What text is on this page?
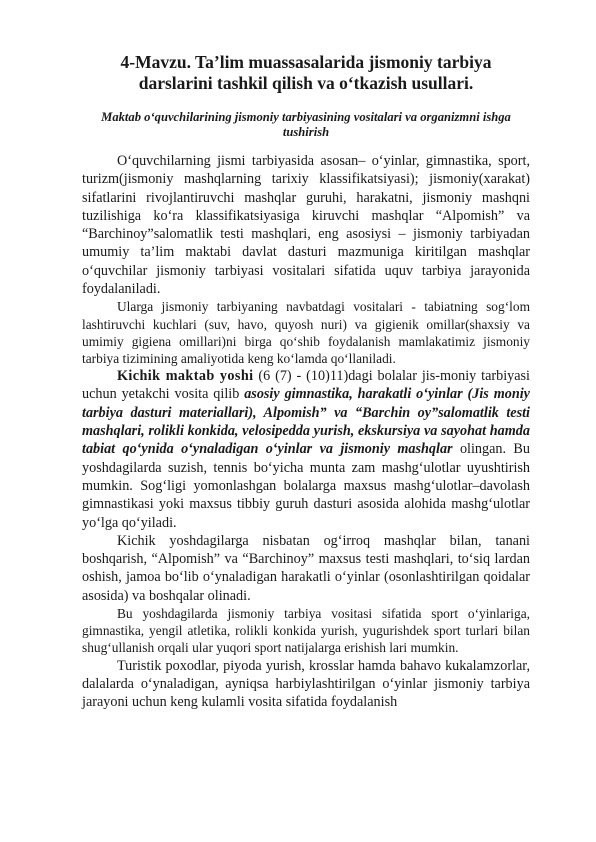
4-Mavzu. Ta’lim muassasalarida jismoniy tarbiya darslarini tashkil qilish va o‘tkazish usullari.

Maktab o‘quvchilarining jismoniy tarbiyasining vositalari va organizmni ishga tushirish

O‘quvchilarning jismi tarbiyasida asosan– o‘yinlar, gimnastika, sport, turizm(jismoniy mashqlarning tarixiy klassifikatsiyasi); jismoniy(xarakat) sifatlarini rivojlantiruvchi mashqlar guruhi, harakatni, jismoniy mashqni tuzilishiga ko‘ra klassifikatsiyasiga kiruvchi mashqlar “Alpomish” va “Barchinoy”salomatlik testi mashqlari, eng asosiysi – jismoniy tarbiyadan umumiy ta’lim maktabi davlat dasturi mazmuniga kiritilgan mashqlar o‘quvchilar jismoniy tarbiyasi vositalari sifatida uquv tarbiya jarayonida foydalaniladi.

Ularga jismoniy tarbiyaning navbatdagi vositalari - tabiatning sog‘lom lashtiruvchi kuchlari (suv, havo, quyosh nuri) va gigienik omillar(shaxsiy va umimiy gigiena omillari)ni birga qo‘shib foydalanish mamlakatimiz jismoniy tarbiya tizimining amaliyotida keng ko‘lamda qo‘llaniladi.

Kichik maktab yoshi (6 (7) - (10)11)dagi bolalar jis-moniy tarbiyasi uchun yetakchi vosita qilib asosiy gimnastika, harakatli o‘yinlar (Jis moniy tarbiya dasturi materiallari), Alpomish” va “Barchin oy”salomatlik testi mashqlari, rolikli konkida, velosipedda yurish, ekskursiya va sayohat hamda tabiat qo‘ynida o‘ynaladigan o‘yinlar va jismoniy mashqlar olingan. Bu yoshdagilarda suzish, tennis bo‘yicha munta zam mashg‘ulotlar uyushtirish mumkin. Sog‘ligi yomonlashgan bolalarga maxsus mashg‘ulotlar–davolash gimnastikasi yoki maxsus tibbiy guruh dasturi asosida alohida mashg‘ulotlar yo‘lga qo‘yiladi.

Kichik yoshdagilarga nisbatan og‘irroq mashqlar bilan, tanani boshqarish, “Alpomish” va “Barchinoy” maxsus testi mashqlari, to‘siq lardan oshish, jamoa bo‘lib o‘ynaladigan harakatli o‘yinlar (osonlashtirilgan qoidalar asosida) va boshqalar olinadi.

Bu yoshdagilarda jismoniy tarbiya vositasi sifatida sport o‘yinlariga, gimnastika, yengil atletika, rolikli konkida yurish, yugurishdek sport turlari bilan shug‘ullanish orqali ular yuqori sport natijalarga erishish lari mumkin.

Turistik poxodlar, piyoda yurish, krosslar hamda bahavo kukalamzorlar, dalalarda o‘ynaladigan, ayniqsa harbiylashtirilgan o‘yinlar jismoniy tarbiya jarayoni uchun keng kulamli vosita sifatida foydalanish
